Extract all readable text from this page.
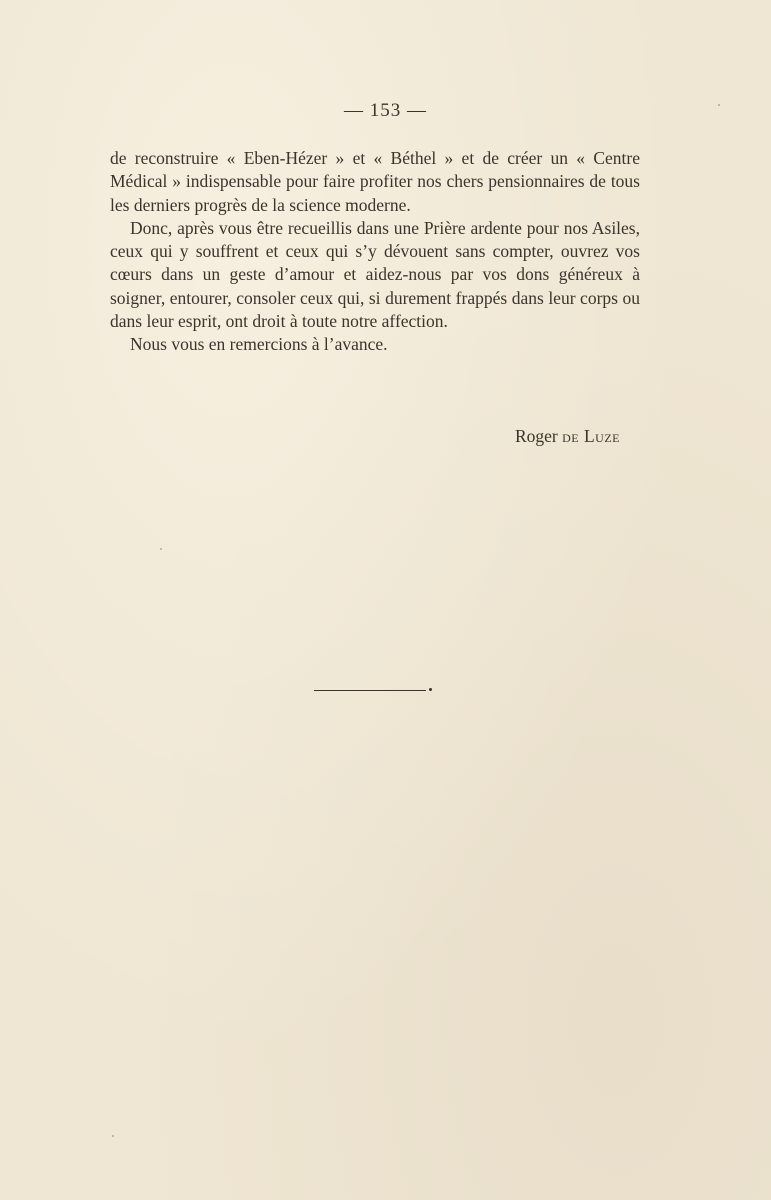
— 153 —

de reconstruire « Eben-Hézer » et « Béthel » et de créer un « Centre Médical » indispensable pour faire profiter nos chers pensionnaires de tous les derniers progrès de la science moderne.

Donc, après vous être recueillis dans une Prière ardente pour nos Asiles, ceux qui y souffrent et ceux qui s’y dévouent sans compter, ouvrez vos cœurs dans un geste d’amour et aidez-nous par vos dons généreux à soigner, entourer, consoler ceux qui, si durement frappés dans leur corps ou dans leur esprit, ont droit à toute notre affection.

Nous vous en remercions à l’avance.

Roger de Luze
